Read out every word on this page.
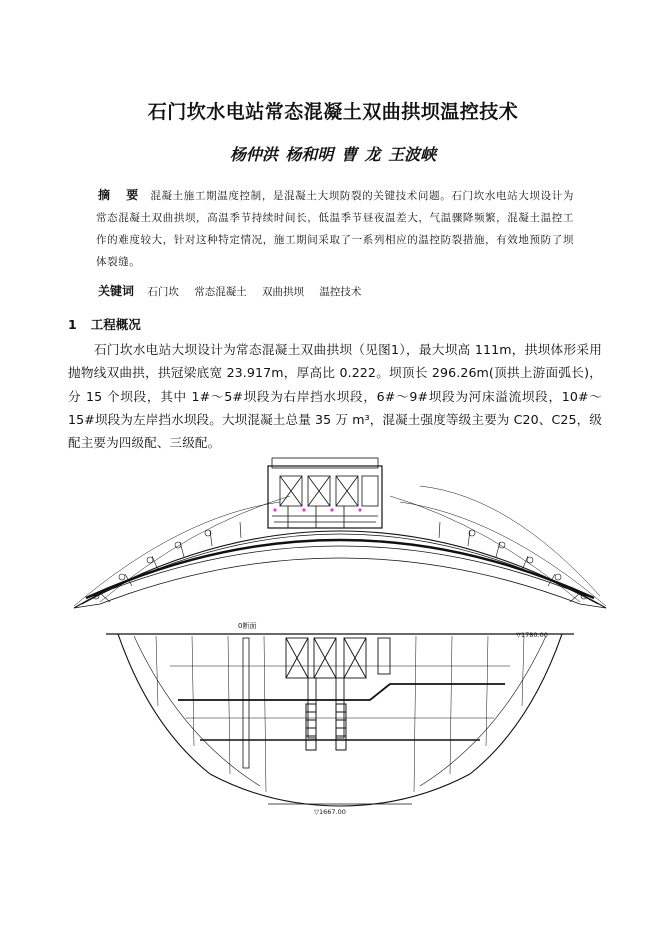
石门坎水电站常态混凝土双曲拱坝温控技术
杨仲洪 杨和明 曹 龙 王波峡
摘 要 混凝土施工期温度控制，是混凝土大坝防裂的关键技术问题。石门坎水电站大坝设计为常态混凝土双曲拱坝，高温季节持续时间长，低温季节昼夜温差大，气温骤降频繁，混凝土温控工作的难度较大，针对这种特定情况，施工期间采取了一系列相应的温控防裂措施，有效地预防了坝体裂缝。
关键词 石门坎 常态混凝土 双曲拱坝 温控技术
1 工程概况
石门坎水电站大坝设计为常态混凝土双曲拱坝（见图1），最大坝高 111m，拱坝体形采用抛物线双曲拱，拱冠梁底宽 23.917m，厚高比 0.222。坝顶长 296.26m(顶拱上游面弧长)，分 15 个坝段，其中 1#～5#坝段为右岸挡水坝段，6#～9#坝段为河床溢流坝段，10#～15#坝段为左岸挡水坝段。大坝混凝土总量 35 万 m³，混凝土强度等级主要为 C20、C25，级配主要为四级配、三级配。
0断面
▽1780.00
▽1667.00
